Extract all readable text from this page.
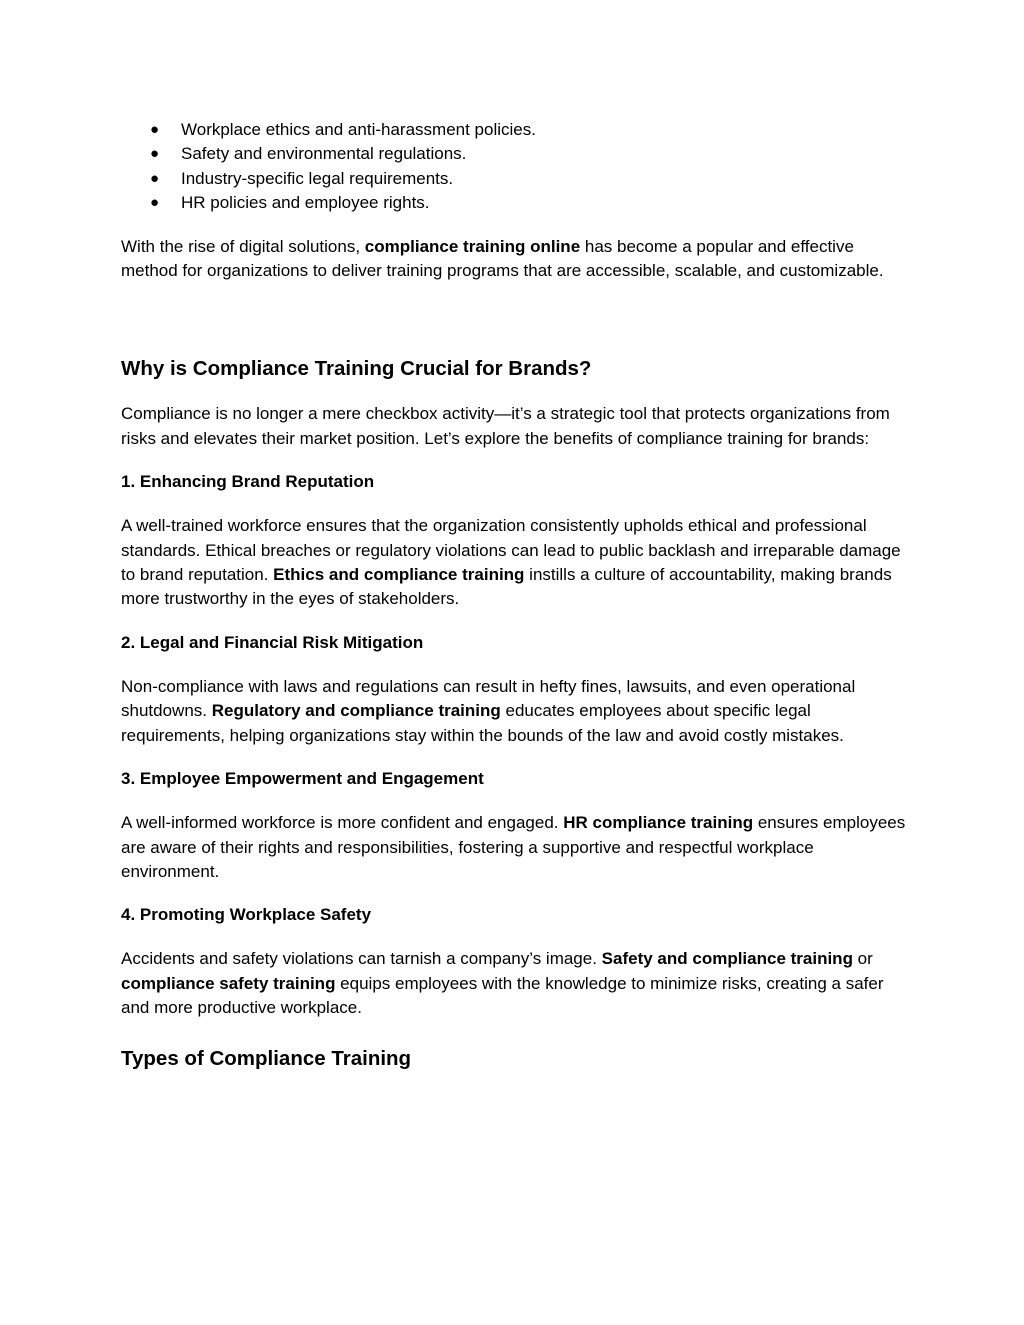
● Workplace ethics and anti-harassment policies.
● Safety and environmental regulations.
● Industry-specific legal requirements.
● HR policies and employee rights.

With the rise of digital solutions, compliance training online has become a popular and effective method for organizations to deliver training programs that are accessible, scalable, and customizable.

Why is Compliance Training Crucial for Brands?

Compliance is no longer a mere checkbox activity—it’s a strategic tool that protects organizations from risks and elevates their market position. Let’s explore the benefits of compliance training for brands:

1. Enhancing Brand Reputation

A well-trained workforce ensures that the organization consistently upholds ethical and professional standards. Ethical breaches or regulatory violations can lead to public backlash and irreparable damage to brand reputation. Ethics and compliance training instills a culture of accountability, making brands more trustworthy in the eyes of stakeholders.

2. Legal and Financial Risk Mitigation

Non-compliance with laws and regulations can result in hefty fines, lawsuits, and even operational shutdowns. Regulatory and compliance training educates employees about specific legal requirements, helping organizations stay within the bounds of the law and avoid costly mistakes.

3. Employee Empowerment and Engagement

A well-informed workforce is more confident and engaged. HR compliance training ensures employees are aware of their rights and responsibilities, fostering a supportive and respectful workplace environment.

4. Promoting Workplace Safety

Accidents and safety violations can tarnish a company’s image. Safety and compliance training or compliance safety training equips employees with the knowledge to minimize risks, creating a safer and more productive workplace.

Types of Compliance Training
